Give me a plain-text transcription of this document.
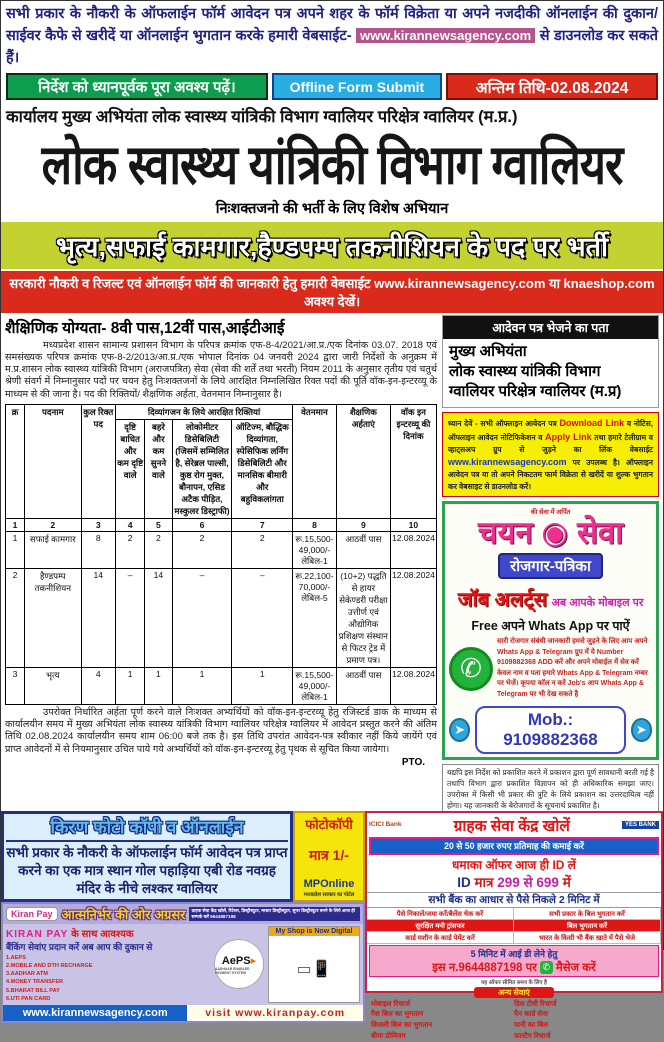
सभी प्रकार के नौकरी के ऑफलाईन फॉर्म आवेदन पत्र अपने शहर के फॉर्म विक्रेता या अपने नजदीकी ऑनलाईन की दुकान/साईवर कैफे से खरीदें या ऑनलाईन भुगतान करके हमारी वेबसाईट- www.kirannewsagency.com से डाउनलोड कर सकते हैं।
निर्देश को ध्यानपूर्वक पूरा अवश्य पढ़ें।	Offline Form Submit	अन्तिम तिथि-02.08.2024
कार्यालय मुख्य अभियंता लोक स्वास्थ्य यांत्रिकी विभाग ग्वालियर परिक्षेत्र ग्वालियर (म.प्र.)
लोक स्वास्थ्य यांत्रिकी विभाग ग्वालियर
निःशक्तजनो की भर्ती के लिए विशेष अभियान
भृत्य,सफाई कामगार,हैण्डपम्प तकनीशियन के पद पर भर्ती
सरकारी नौकरी व रिजल्ट एवं ऑनलाईन फॉर्म की जानकारी हेतु हमारी वेबसाईट www.kirannewsagency.com या knaeshop.com अवश्य देखें।
शैक्षिणिक योग्यता- 8वी पास,12वीं पास,आईटीआई
मध्यप्रदेश शासन सामान्य प्रशासन विभाग के परिपत्र क्रमांक एफ-8-4/2021/आ.प्र./एक दिनांक 03.07. 2018 एवं समसंख्यक परिपत्र क्रमांक एफ-8-2/2013/आ.प्र./एक भोपाल दिनांक 04 जनवरी 2024 द्वारा जारी निर्देशों के अनुक्रम में म.प्र.शासन लोक स्वास्थ्य यांत्रिकी विभाग (अराजपत्रित) सेवा (सेवा की शर्तें तथा भरती) नियम 2011 के अनुसार तृतीय एवं चतुर्थ श्रेणी संवर्ग में निम्नानुसार पदों पर चयन हेतु निःशक्तजनों के लिये आरक्षित निम्नलिखित रिक्त पदों की पूर्ति वॉक-इन-इन्टरव्यू के माध्यम से की जाना है। पद की रिक्तियों/ शैक्षणिक अर्हता, वेतनमान निम्नानुसार है।
क्र	पदनाम	कुल रिक्त पद	दिव्यांगजन के लिये आरक्षित रिक्तियां				वेतनमान	शैक्षणिक अर्हताएं	वॉक इन इन्टरव्यू की दिनांक
			दृष्टि बाधित और कम दृष्टि वाले	बहरे और कम सुनने वाले	लोकोमीटर डिसेबिलिटी (जिसमें सम्मिलित है, सेरेब्रल पाल्सी, कुष्ठ रोग मुक्त, बौनापन, एसिड अटैक पीड़ित, मस्कुलर डिस्ट्राफी)	ऑटिज्म, बौद्धिक दिव्यांगता, स्पेसिफिक लर्निंग डिसेबिलिटी और मानसिक बीमारी और बहुविकलांगता			
1	2	3	4	5	6	7	8	9	10
1	सफाई कामगार	8	2	2	2	2	रू.15,500- 49,000/- लेबिल-1	आठवीं पास	12.08.2024
2	हैण्डपम्प तकनीशियन	14	–	14	–	–	रू.22,100- 70,000/- लेबिल-5	(10+2) पद्धति से हायर सेकेण्डरी परीक्षा उत्तीर्ण एवं औद्योगिक प्रशिक्षण संस्थान से फिटर ट्रेड में प्रमाण पत्र।	12.08.2024
3	भृत्य	4	1	1	1	1	रू.15,500- 49,000/- लेबिल-1	आठवीं पास	12.08.2024
उपरोक्त निर्धारित अर्हता पूर्ण करने वाले निःशक्त अभ्यर्थियों को वॉक-इन-इन्टरव्यू हेतु रजिस्टर्ड डाक के माध्यम से कार्यालयीन समय में मुख्य अभियंता लोक स्वास्थ्य यांत्रिकी विभाग ग्वालियर परिक्षेत्र ग्वालियर में आवेदन प्रस्तुत करने की अंतिम तिथि 02.08.2024 कार्यालयीन समय शाम 06:00 बजे तक है। इस तिथि उपरांत आवेदन-पत्र स्वीकार नहीं किये जायेंगे एवं प्राप्त आवेदनों में से नियमानुसार उचित पाये गये अभ्यर्थियों को वॉक-इन-इन्टरव्यू हेतु पृथक से सूचित किया जायेगा।
PTO.
आदेवन पत्र भेजने का पता
मुख्य अभियंता
लोक स्वास्थ्य यांत्रिकी विभाग
ग्वालियर परिक्षेत्र ग्वालियर (म.प्र)
ध्यान देवें - सभी ऑफ्लाइन आवेदन पत्र Download Link व नोटिस, ऑफ्लाइन आवेदन नोटिफिकेशन व Apply Link तथा हमारे टेलीग्राम व व्हाट्सअप ग्रुप से जुड़ने का लिंक वेबसाईट www.kirannewsagency.com पर उपलब्ध है। ऑफ्लाइन आवेदन पत्र या तो अपने निकटतम फार्म विक्रेता से खरीदें या शुल्क भुगतान कर वेबसाइट से डाउनलोड करें।
की सेवा में अर्पित
चयन ◉ सेवा
रोजगार-पत्रिका
जॉब अलर्ट्स अब आपके मोबाइल पर
Free अपने Whats App पर पाऐं
✆
सारी रोजगार संबंधी जानकारी हमसे जुड़ने के लिए आप अपने Whats App & Telegram ग्रुप में ये Number 9109882368 ADD करें और अपने मोबाईल में सेव करें केवल नाम व पता हमारे Whats App & Telegram नम्बर पर भेजें। कृपया कॉल न करें Job's आप Whats App & Telegram पर भी देख सकते है
➤
Mob.: 9109882368
➤
यद्यपि इस निर्देश को प्रकाशित करने में प्रकाशन द्वारा पूर्ण सावधानी बरती गई है तथापि विभाग द्वारा प्रकाशित विज्ञापन को ही अधिकारिक समझा जाए। उपरोक्त में किसी भी प्रकार की त्रुटि के लिये प्रकाशन का उत्तरदायित्व नहीं होगा। यह जानकारी के बेरोजगारों के सूचनार्थ प्रकाशित है।
किरण फोटो कॉपी व ऑनलाईन
सभी प्रकार के नौकरी के ऑफलाईन फॉर्म आवेदन पत्र प्राप्त करने का एक मात्र स्थान गोल पहाड़िया एबी रोड नवग्रह मंदिर के नीचे लश्कर ग्वालियर
फोटोकॉपी
मात्र 1/-
MPOnline
मध्यप्रदेश सरकार का पोर्टल
Kiran Pay आत्मनिर्भर की ओर अग्रसर	ग्राहक सेवा केंद्र खोलें, रिटेलर, डिस्ट्रीब्यूटर, मास्टर डिस्ट्रीब्यूटर, सुपर डिस्ट्रीब्यूटर बनने के लिये आज ही सम्पर्क करें 9644887198
KIRAN PAY के साथ आवश्यक
बैंकिंग सेवांए प्रदान करें अब आप की दुकान से
1.AEPS
2.MOBILE AND DTH RECHARGE
3.AADHAR ATM
4.MONEY TRANSFER
5.BHARAT BILL PAY
6.UTI PAN CARD
AePS▸
AADHAAR ENABLED PAYMENT SYSTEM
My Shop is Now Digital
▭📱
www.kirannewsagency.com	visit www.kiranpay.com
ICICI Bank	ग्राहक सेवा केंद्र खोलें	YES BANK
20 से 50 हजार रुपए प्रतिमाह की कमाई करें
धमाका ऑफर आज ही ID लें
ID मात्र 299 से 699 में
सभी बैंक का आधार से पैसे निकले 2 मिनिट में
पैसे निकालें/जमा करें/बैलेंस चेक करें	सभी प्रकार के बिल भुगतान करें
सुरक्षित मनी ट्रांसफर	बिल भुगतान करें
कार्ड मशीन के कार्ड पेमेंट करें	भारत के किसी भी बैंक खाते में पैसे भेजे
5 मिनिट में आई डी लेने हेतु
इस न.9644887198 पर ✆ मैसेज करें
यह ऑफर सीमित समय के लिए है
अन्य सेवाएं
मोबाइल रिचार्ज	डिश टीवी रिचार्ज
गैस बिल का भुगतान	पैन कार्ड सेवा
बिजली बिल का भुगतान	पानी का बिल
बीमा प्रीमियम	फास्टैग रिचार्ज
